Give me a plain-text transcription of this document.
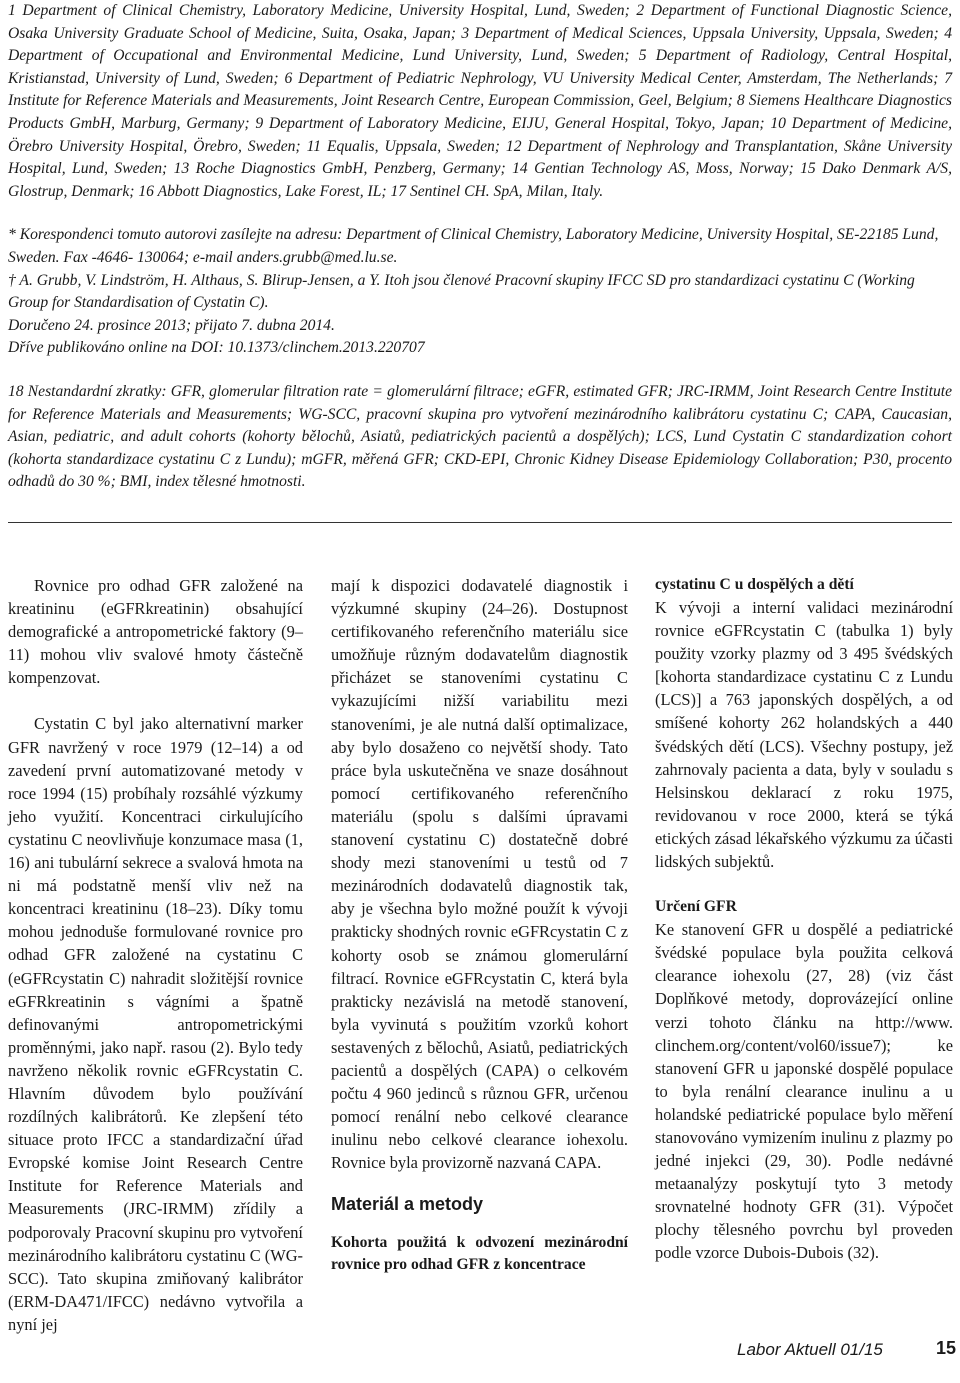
1 Department of Clinical Chemistry, Laboratory Medicine, University Hospital, Lund, Sweden; 2 Department of Functional Diagnostic Science, Osaka University Graduate School of Medicine, Suita, Osaka, Japan; 3 Department of Medical Sciences, Uppsala University, Uppsala, Sweden; 4 Department of Occupational and Environmental Medicine, Lund University, Lund, Sweden; 5 Department of Radiology, Central Hospital, Kristianstad, University of Lund, Sweden; 6 Department of Pediatric Nephrology, VU University Medical Center, Amsterdam, The Netherlands; 7 Institute for Reference Materials and Measurements, Joint Research Centre, European Commission, Geel, Belgium; 8 Siemens Healthcare Diagnostics Products GmbH, Marburg, Germany; 9 Department of Laboratory Medicine, EIJU, General Hospital, Tokyo, Japan; 10 Department of Medicine, Örebro University Hospital, Örebro, Sweden; 11 Equalis, Uppsala, Sweden; 12 Department of Nephrology and Transplantation, Skåne University Hospital, Lund, Sweden; 13 Roche Diagnostics GmbH, Penzberg, Germany; 14 Gentian Technology AS, Moss, Norway; 15 Dako Denmark A/S, Glostrup, Denmark; 16 Abbott Diagnostics, Lake Forest, IL; 17 Sentinel CH. SpA, Milan, Italy.

* Korespondenci tomuto autorovi zasílejte na adresu: Department of Clinical Chemistry, Laboratory Medicine, University Hospital, SE-22185 Lund, Sweden. Fax -4646- 130064; e-mail anders.grubb@med.lu.se.

† A. Grubb, V. Lindström, H. Althaus, S. Blirup-Jensen, a Y. Itoh jsou členové Pracovní skupiny IFCC SD pro standardizaci cystatinu C (Working Group for Standardisation of Cystatin C).

Doručeno 24. prosince 2013; přijato 7. dubna 2014.

Dříve publikováno online na DOI: 10.1373/clinchem.2013.220707

18 Nestandardní zkratky: GFR, glomerular filtration rate = glomerulární filtrace; eGFR, estimated GFR; JRC-IRMM, Joint Research Centre Institute for Reference Materials and Measurements; WG-SCC, pracovní skupina pro vytvoření mezinárodního kalibrátoru cystatinu C; CAPA, Caucasian, Asian, pediatric, and adult cohorts (kohorty bělochů, Asiatů, pediatrických pacientů a dospělých); LCS, Lund Cystatin C standardization cohort (kohorta standardizace cystatinu C z Lundu); mGFR, měřená GFR; CKD-EPI, Chronic Kidney Disease Epidemiology Collaboration; P30, procento odhadů do 30 %; BMI, index tělesné hmotnosti.

Rovnice pro odhad GFR založené na kreatininu (eGFRkreatinin) obsahující demografické a antropometrické faktory (9–11) mohou vliv svalové hmoty částečně kompenzovat.

Cystatin C byl jako alternativní marker GFR navržený v roce 1979 (12–14) a od zavedení první automatizované metody v roce 1994 (15) probíhaly rozsáhlé výzkumy jeho využití. Koncentraci cirkulujícího cystatinu C neovlivňuje konzumace masa (1, 16) ani tubulární sekrece a svalová hmota na ni má podstatně menší vliv než na koncentraci kreatininu (18–23). Díky tomu mohou jednoduše formulované rovnice pro odhad GFR založené na cystatinu C (eGFRcystatin C) nahradit složitější rovnice eGFRkreatinin s vágními a špatně definovanými antropometrickými proměnnými, jako např. rasou (2). Bylo tedy navrženo několik rovnic eGFRcystatin C. Hlavním důvodem bylo používání rozdílných kalibrátorů. Ke zlepšení této situace proto IFCC a standardizační úřad Evropské komise Joint Research Centre Institute for Reference Materials and Measurements (JRC-IRMM) zřídily a podporovaly Pracovní skupinu pro vytvoření mezinárodního kalibrátoru cystatinu C (WG-SCC). Tato skupina zmiňovaný kalibrátor (ERM-DA471/IFCC) nedávno vytvořila a nyní jej

mají k dispozici dodavatelé diagnostik i výzkumné skupiny (24–26). Dostupnost certifikovaného referenčního materiálu sice umožňuje různým dodavatelům diagnostik přicházet se stanoveními cystatinu C vykazujícími nižší variabilitu mezi stanoveními, je ale nutná další optimalizace, aby bylo dosaženo co největší shody. Tato práce byla uskutečněna ve snaze dosáhnout pomocí certifikovaného referenčního materiálu (spolu s dalšími úpravami stanovení cystatinu C) dostatečně dobré shody mezi stanoveními u testů od 7 mezinárodních dodavatelů diagnostik tak, aby je všechna bylo možné použít k vývoji prakticky shodných rovnic eGFRcystatin C z kohorty osob se známou glomerulární filtrací. Rovnice eGFRcystatin C, která byla prakticky nezávislá na metodě stanovení, byla vyvinutá s použitím vzorků kohort sestavených z bělochů, Asiatů, pediatrických pacientů a dospělých (CAPA) o celkovém počtu 4 960 jedinců s různou GFR, určenou pomocí renální nebo celkové clearance inulinu nebo celkové clearance iohexolu. Rovnice byla provizorně nazvaná CAPA.

Materiál a metody

Kohorta použitá k odvození mezinárodní rovnice pro odhad GFR z koncentrace

cystatinu C u dospělých a dětí

K vývoji a interní validaci mezinárodní rovnice eGFRcystatin C (tabulka 1) byly použity vzorky plazmy od 3 495 švédských [kohorta standardizace cystatinu C z Lundu (LCS)] a 763 japonských dospělých, a od smíšené kohorty 262 holandských a 440 švédských dětí (LCS). Všechny postupy, jež zahrnovaly pacienta a data, byly v souladu s Helsinskou deklarací z roku 1975, revidovanou v roce 2000, která se týká etických zásad lékařského výzkumu za účasti lidských subjektů.

Určení GFR

Ke stanovení GFR u dospělé a pediatrické švédské populace byla použita celková clearance iohexolu (27, 28) (viz část Doplňkové metody, doprovázející online verzi tohoto článku na http://www. clinchem.org/content/vol60/issue7); ke stanovení GFR u japonské dospělé populace to byla renální clearance inulinu a u holandské pediatrické populace bylo měření stanovováno vymizením inulinu z plazmy po jedné injekci (29, 30). Podle nedávné metaanalýzy poskytují tyto 3 metody srovnatelné hodnoty GFR (31). Výpočet plochy tělesného povrchu byl proveden podle vzorce Dubois-Dubois (32).

Labor Aktuell 01/15	15
